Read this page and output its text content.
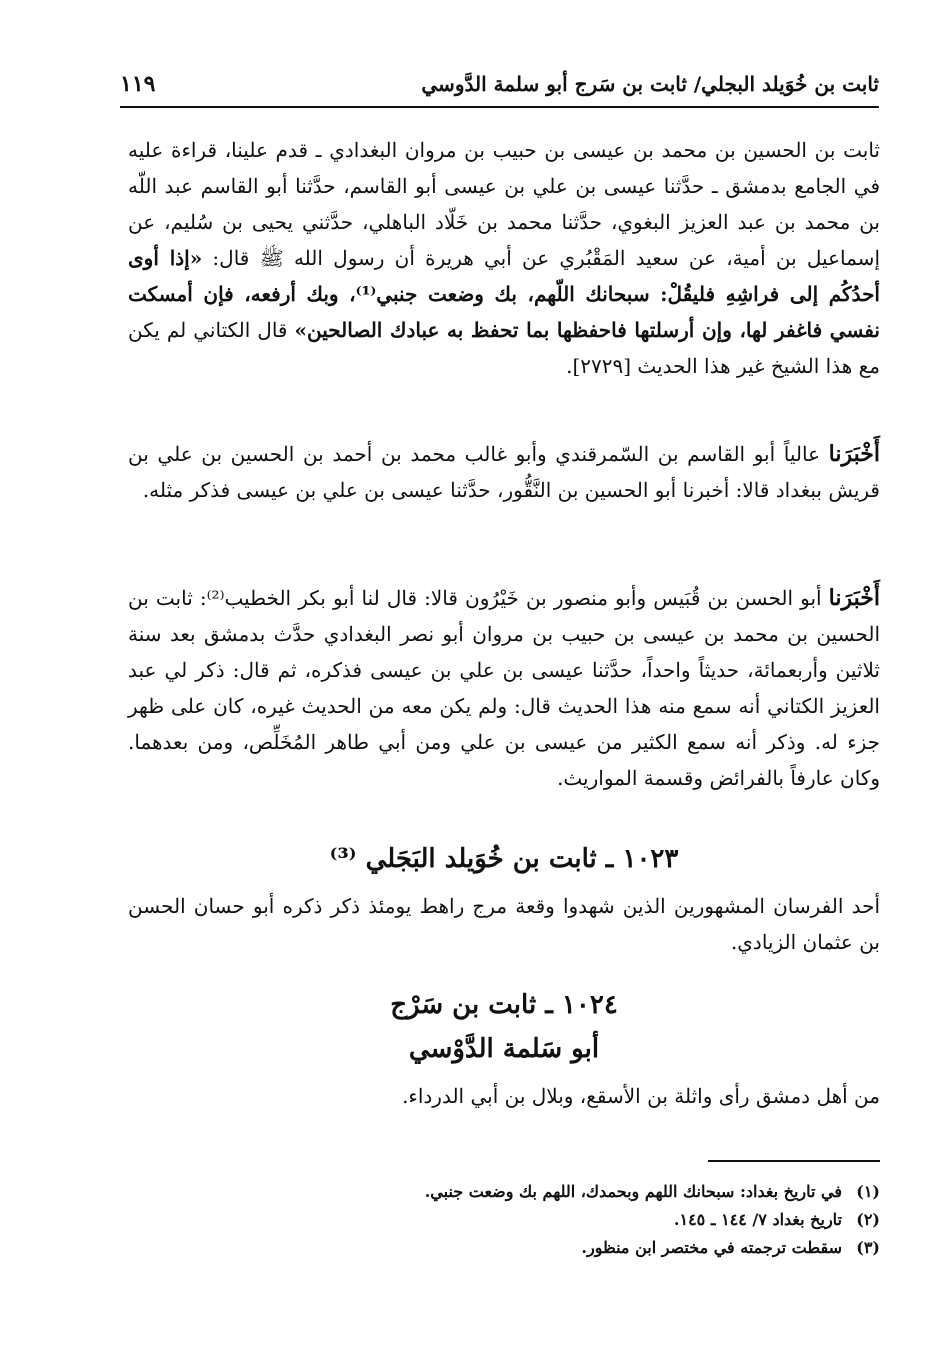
ثابت بن خُوَيلد البجلي/ ثابت بن سَرج أبو سلمة الدَّوسي
١١٩

ثابت بن الحسين بن محمد بن عيسى بن حبيب بن مروان البغدادي ـ قدم علينا، قراءة عليه في الجامع بدمشق ـ حدَّثنا عيسى بن علي بن عيسى أبو القاسم، حدَّثنا أبو القاسم عبد اللّه بن محمد بن عبد العزيز البغوي، حدَّثنا محمد بن خَلّاد الباهلي، حدَّثني يحيى بن سُليم، عن إسماعيل بن أمية، عن سعيد المَقْبُري عن أبي هريرة أن رسول الله ﷺ قال: «إذا أوى أحدُكُم إلى فراشِهِ فليقُلْ: سبحانك اللّهم، بك وضعت جنبي⁽¹⁾، وبك أرفعه، فإن أمسكت نفسي فاغفر لها، وإن أرسلتها فاحفظها بما تحفظ به عبادك الصالحين» قال الكتاني لم يكن مع هذا الشيخ غير هذا الحديث [٢٧٢٩].

أَخْبَرَنا عالياً أبو القاسم بن السّمرقندي وأبو غالب محمد بن أحمد بن الحسين بن علي بن قريش ببغداد قالا: أخبرنا أبو الحسين بن النَّقُّور، حدَّثنا عيسى بن علي بن عيسى فذكر مثله.

أَخْبَرَنا أبو الحسن بن قُبَيس وأبو منصور بن خَيْرُون قالا: قال لنا أبو بكر الخطيب⁽²⁾: ثابت بن الحسين بن محمد بن عيسى بن حبيب بن مروان أبو نصر البغدادي حدَّث بدمشق بعد سنة ثلاثين وأربعمائة، حديثاً واحداً، حدَّثنا عيسى بن علي بن عيسى فذكره، ثم قال: ذكر لي عبد العزيز الكتاني أنه سمع منه هذا الحديث قال: ولم يكن معه من الحديث غيره، كان على ظهر جزء له. وذكر أنه سمع الكثير من عيسى بن علي ومن أبي طاهر المُخَلِّص، ومن بعدهما. وكان عارفاً بالفرائض وقسمة المواريث.

١٠٢٣ ـ ثابت بن خُوَيلد البَجَلي ⁽³⁾

أحد الفرسان المشهورين الذين شهدوا وقعة مرج راهط يومئذ ذكر ذكره أبو حسان الحسن بن عثمان الزيادي.

١٠٢٤ ـ ثابت بن سَرْج
أبو سَلمة الدَّوْسي

من أهل دمشق رأى واثلة بن الأسقع، وبلال بن أبي الدرداء.

(١)في تاريخ بغداد: سبحانك اللهم وبحمدك، اللهم بك وضعت جنبي.

(٢)تاريخ بغداد ٧/ ١٤٤ ـ ١٤٥.

(٣)سقطت ترجمته في مختصر ابن منظور.
